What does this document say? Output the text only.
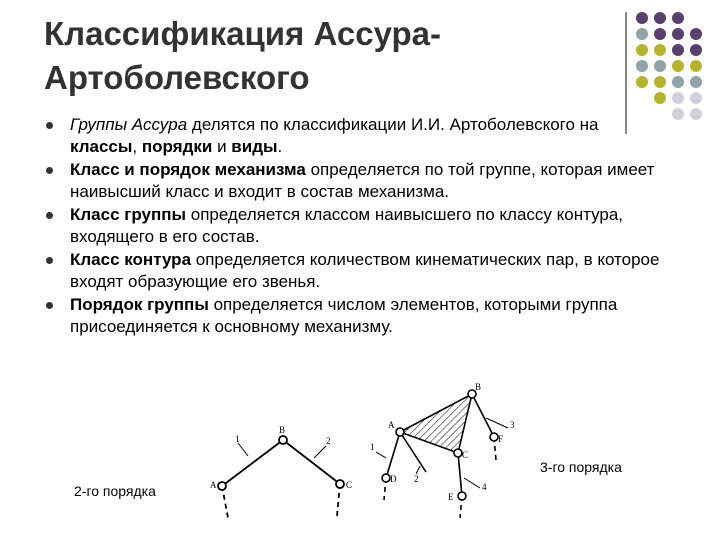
Классификация Ассура-
Артоболевского
Группы Ассура делятся по классификации И.И. Артоболевского на классы, порядки и виды.
Класс и порядок механизма определяется по той группе, которая имеет наивысший класс и входит в состав механизма.
Класс группы определяется классом наивысшего по классу контура, входящего в его состав.
Класс контура определяется количеством кинематических пар, в которое входят образующие его звенья.
Порядок группы определяется числом элементов, которыми группа присоединяется к основному механизму.
1	2
B
A	C
A
B
C
D
F
E
1
2
3
4
2-го порядка
3-го порядка
